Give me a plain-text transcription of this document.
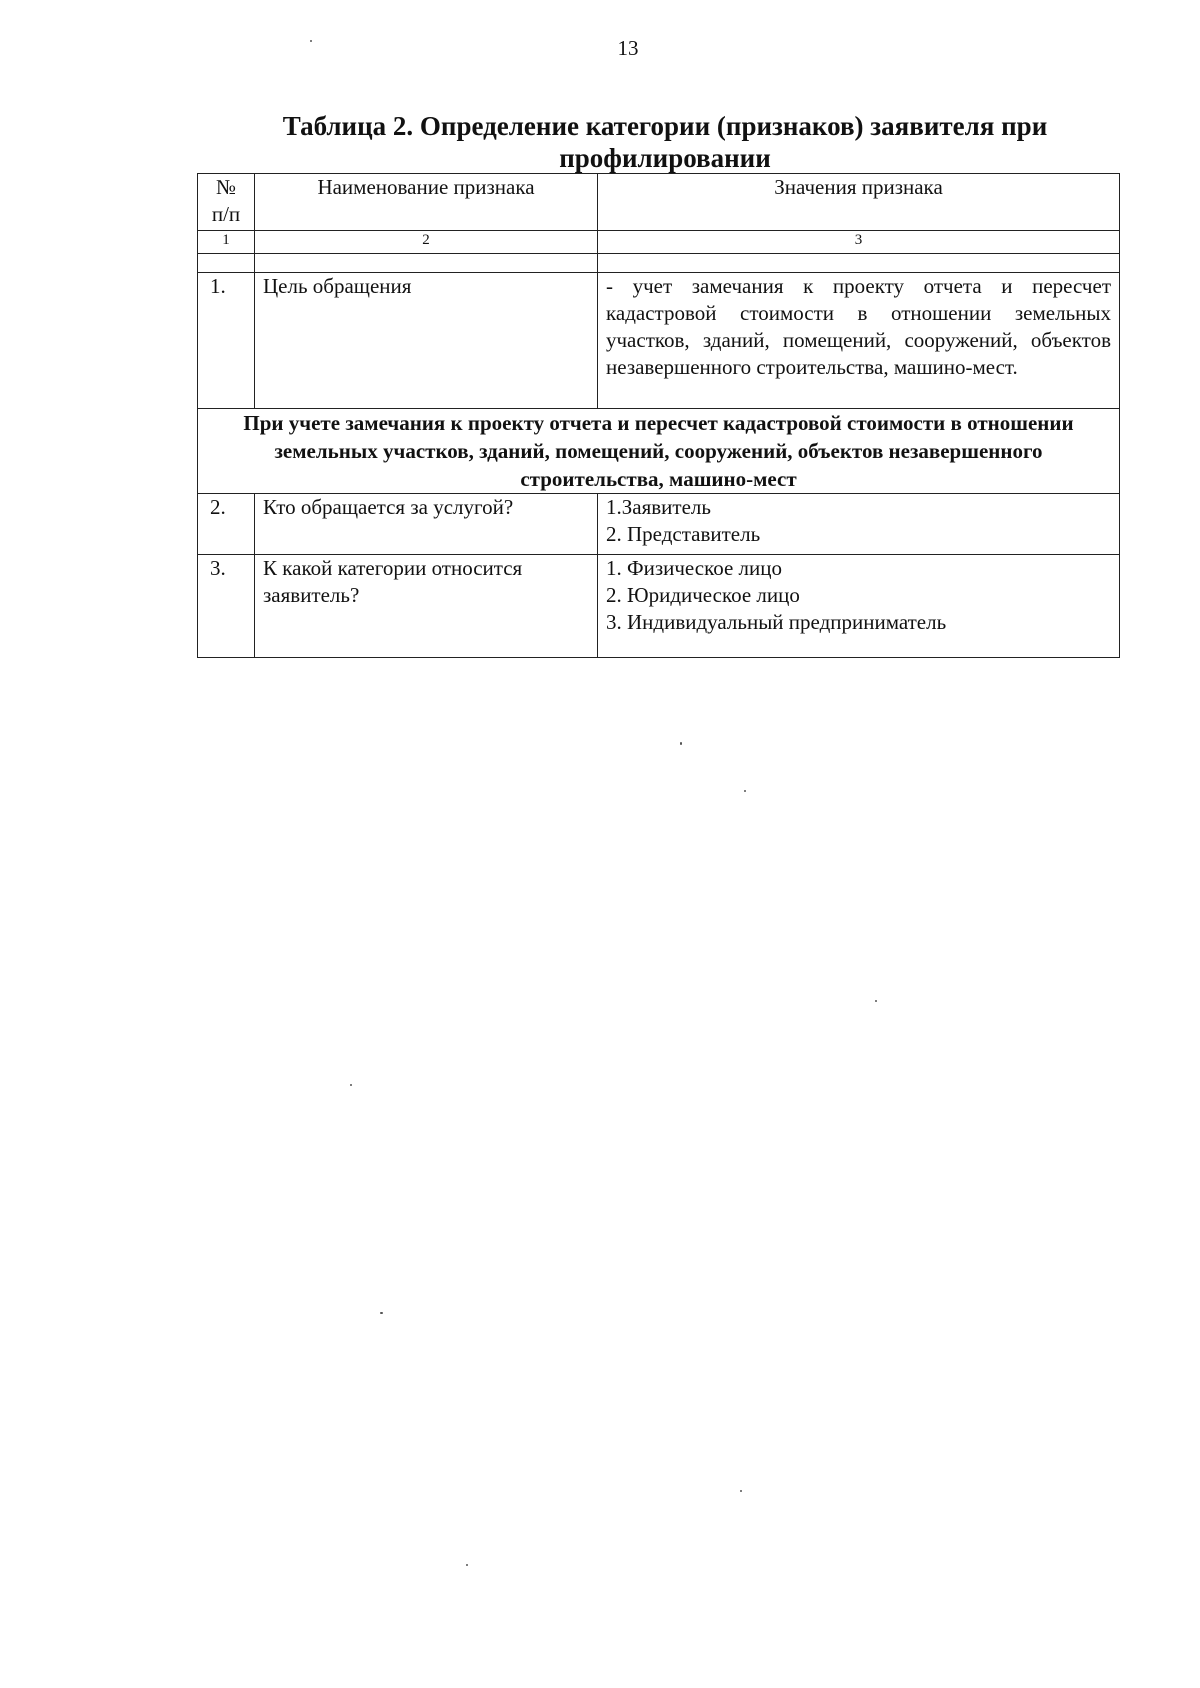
13
Таблица 2. Определение категории (признаков) заявителя при профилировании
№ п/п	Наименование признака	Значения признака

1	2	3

1.	Цель обращения	- учет замечания к проекту отчета и пересчет кадастровой стоимости в отношении земельных участков, зданий, помещений, сооружений, объектов незавершенного строительства, машино-мест.
При учете замечания к проекту отчета и пересчет кадастровой стоимости в отношении земельных участков, зданий, помещений, сооружений, объектов незавершенного строительства, машино-мест		
2.	Кто обращается за услугой?	1.Заявитель
2. Представитель

3.	К какой категории относится заявитель?	1. Физическое лицо
2. Юридическое лицо
3. Индивидуальный предприниматель
